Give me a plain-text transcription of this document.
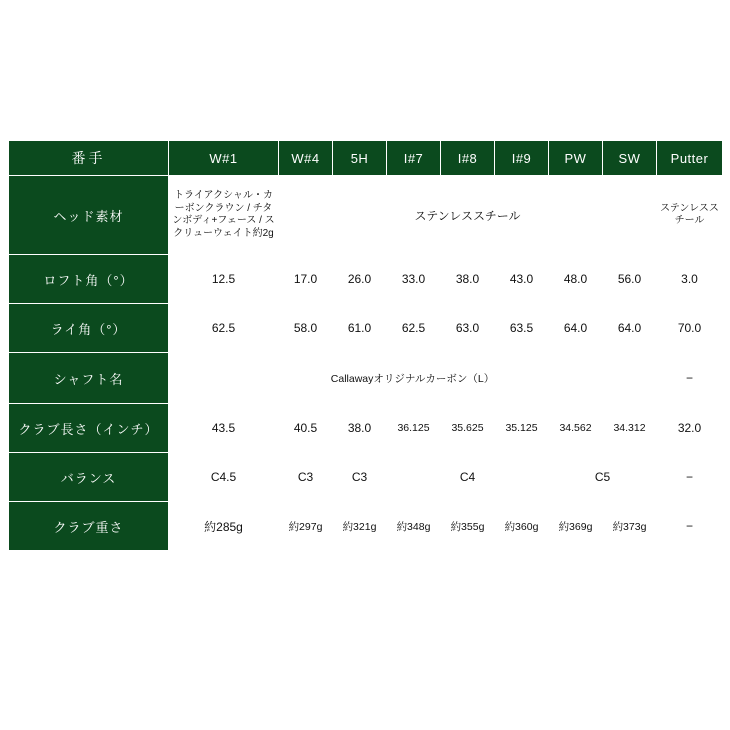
番手	W#1	W#4	5H	I#7	I#8	I#9	PW	SW	Putter
ヘッド素材	トライアクシャル・カーボンクラウン / チタンボディ+フェース / スクリューウェイト約2g	ステンレススチール							ステンレススチール
ロフト角（°）	12.5	17.0	26.0	33.0	38.0	43.0	48.0	56.0	3.0
ライ角（°）	62.5	58.0	61.0	62.5	63.0	63.5	64.0	64.0	70.0
シャフト名	Callawayオリジナルカーボン（L）								−
クラブ長さ（インチ）	43.5	40.5	38.0	36.125	35.625	35.125	34.562	34.312	32.0
バランス	C4.5	C3	C3	C4			C5		−
クラブ重さ	約285g	約297g	約321g	約348g	約355g	約360g	約369g	約373g	−
